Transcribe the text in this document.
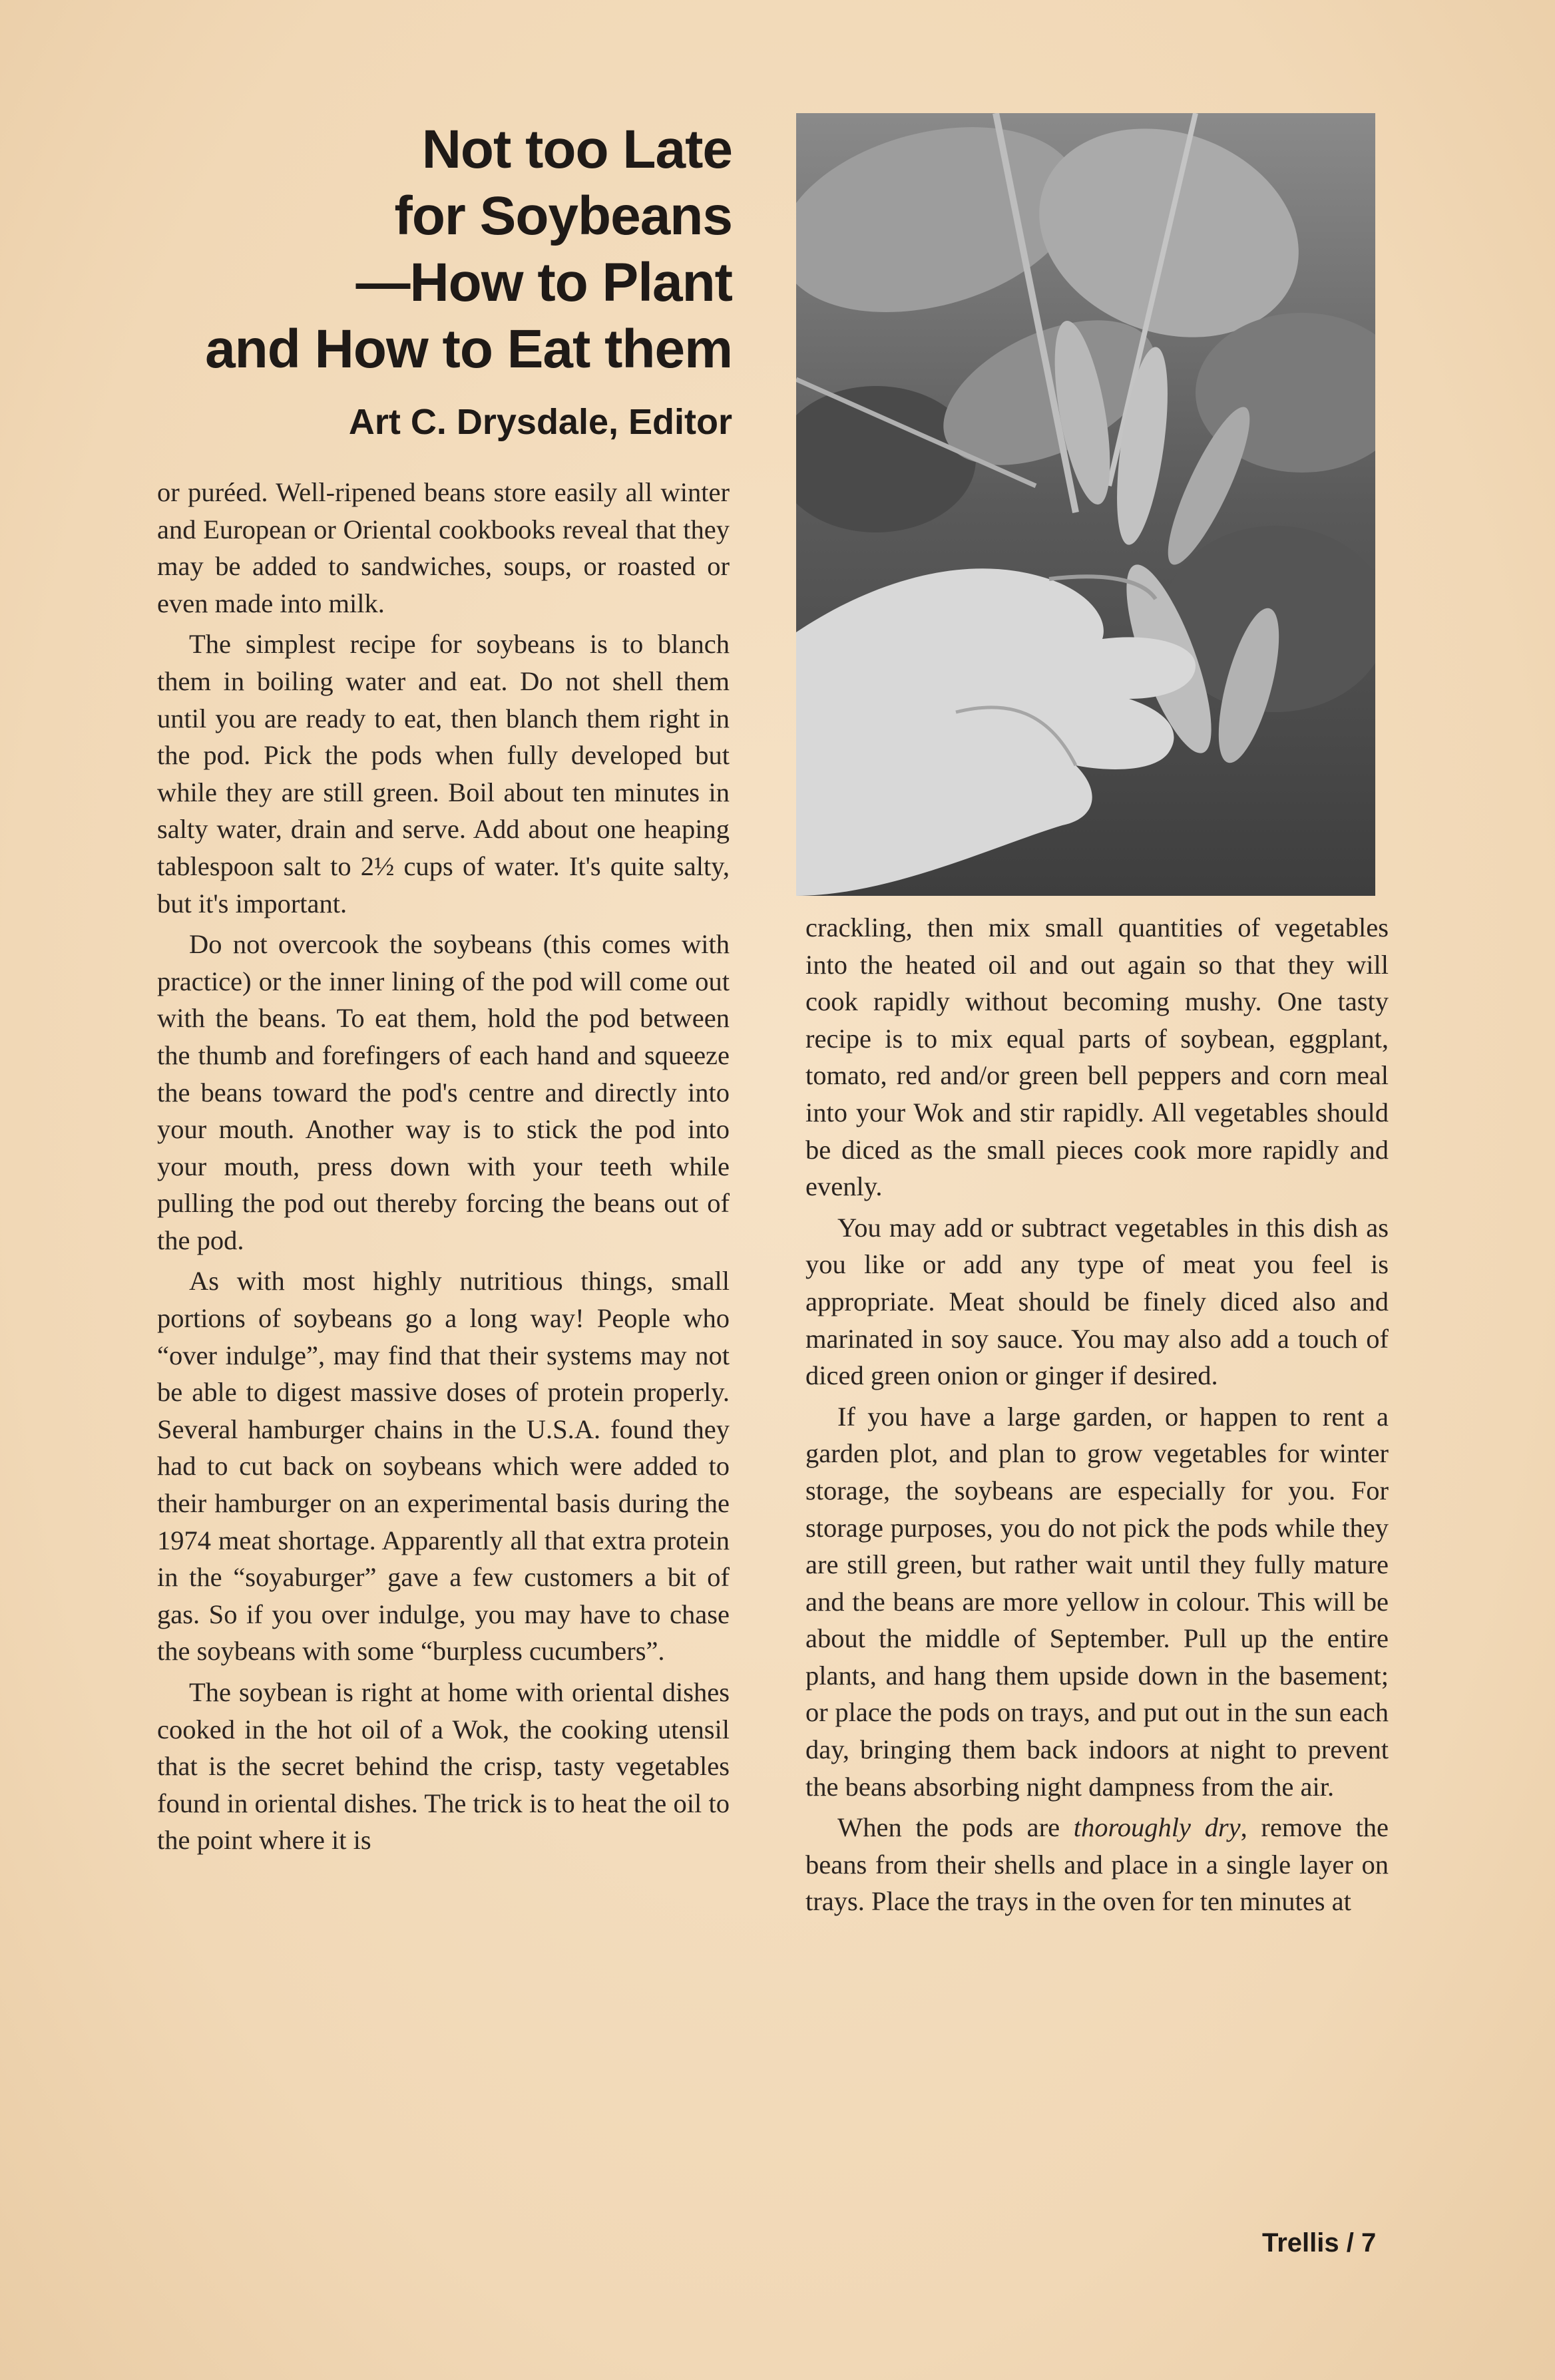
Not too Late
for Soybeans
—How to Plant
and How to Eat them
Art C. Drysdale, Editor

or puréed. Well-ripened beans store easily all winter and European or Oriental cookbooks reveal that they may be added to sandwiches, soups, or roasted or even made into milk.

The simplest recipe for soybeans is to blanch them in boiling water and eat. Do not shell them until you are ready to eat, then blanch them right in the pod. Pick the pods when fully developed but while they are still green. Boil about ten minutes in salty water, drain and serve. Add about one heaping tablespoon salt to 2½ cups of water. It's quite salty, but it's important.

Do not overcook the soybeans (this comes with practice) or the inner lining of the pod will come out with the beans. To eat them, hold the pod between the thumb and forefingers of each hand and squeeze the beans toward the pod's centre and directly into your mouth. Another way is to stick the pod into your mouth, press down with your teeth while pulling the pod out thereby forcing the beans out of the pod.

As with most highly nutritious things, small portions of soybeans go a long way! People who “over indulge”, may find that their systems may not be able to digest massive doses of protein properly. Several hamburger chains in the U.S.A. found they had to cut back on soybeans which were added to their hamburger on an experimental basis during the 1974 meat shortage. Apparently all that extra protein in the “soyaburger” gave a few customers a bit of gas. So if you over indulge, you may have to chase the soybeans with some “burpless cucumbers”.

The soybean is right at home with oriental dishes cooked in the hot oil of a Wok, the cooking utensil that is the secret behind the crisp, tasty vegetables found in oriental dishes. The trick is to heat the oil to the point where it is

crackling, then mix small quantities of vegetables into the heated oil and out again so that they will cook rapidly without becoming mushy. One tasty recipe is to mix equal parts of soybean, eggplant, tomato, red and/or green bell peppers and corn meal into your Wok and stir rapidly. All vegetables should be diced as the small pieces cook more rapidly and evenly.

You may add or subtract vegetables in this dish as you like or add any type of meat you feel is appropriate. Meat should be finely diced also and marinated in soy sauce. You may also add a touch of diced green onion or ginger if desired.

If you have a large garden, or happen to rent a garden plot, and plan to grow vegetables for winter storage, the soybeans are especially for you. For storage purposes, you do not pick the pods while they are still green, but rather wait until they fully mature and the beans are more yellow in colour. This will be about the middle of September. Pull up the entire plants, and hang them upside down in the basement; or place the pods on trays, and put out in the sun each day, bringing them back indoors at night to prevent the beans absorbing night dampness from the air.

When the pods are thoroughly dry, remove the beans from their shells and place in a single layer on trays. Place the trays in the oven for ten minutes at

Trellis / 7
